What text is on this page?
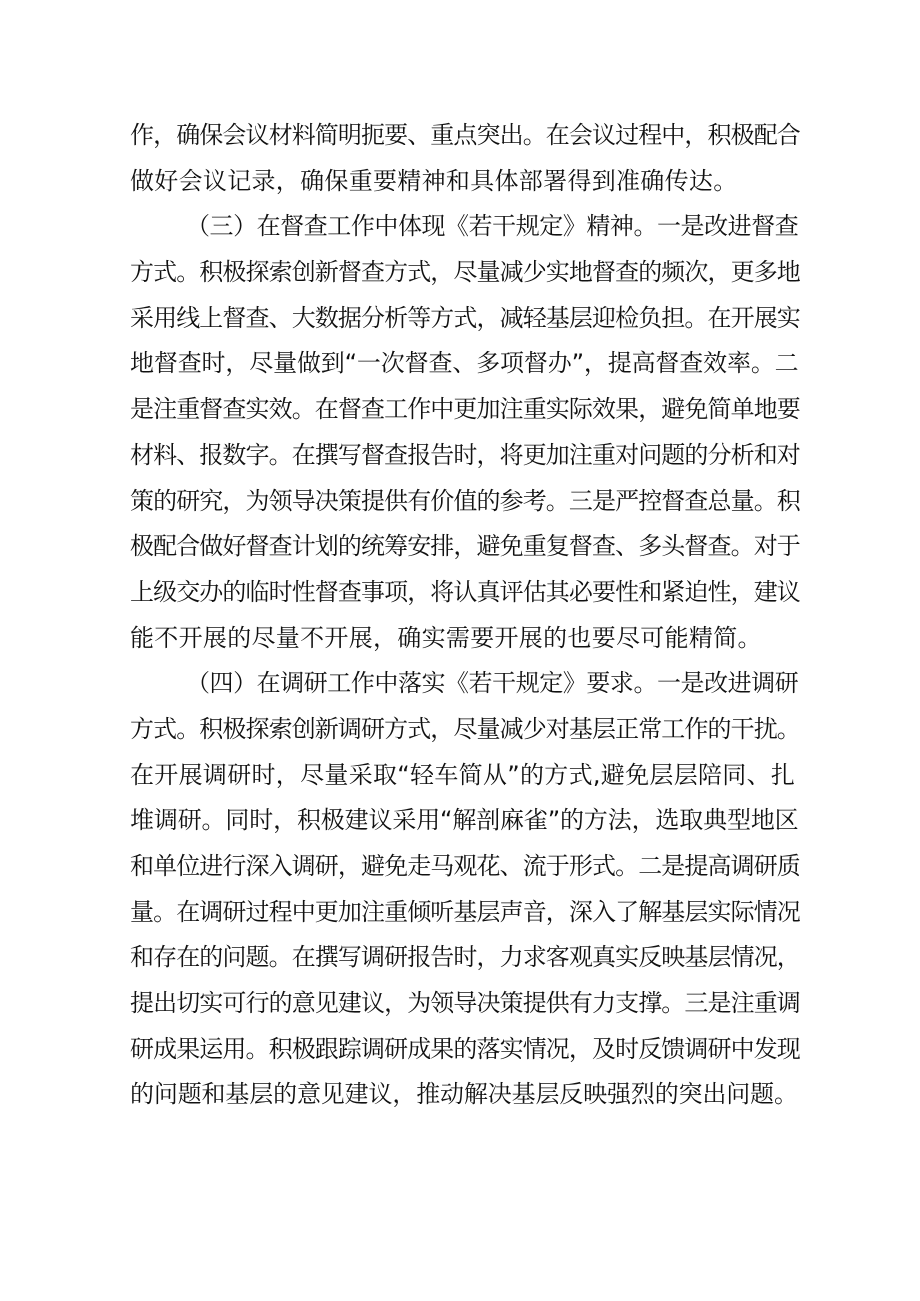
作，确保会议材料简明扼要、重点突出。在会议过程中，积极配合
做好会议记录，确保重要精神和具体部署得到准确传达。
（三）在督查工作中体现《若干规定》精神。一是改进督查
方式。积极探索创新督查方式，尽量减少实地督查的频次，更多地
采用线上督查、大数据分析等方式，减轻基层迎检负担。在开展实
地督查时，尽量做到“一次督查、多项督办”，提高督查效率。二
是注重督查实效。在督查工作中更加注重实际效果，避免简单地要
材料、报数字。在撰写督查报告时，将更加注重对问题的分析和对
策的研究，为领导决策提供有价值的参考。三是严控督查总量。积
极配合做好督查计划的统筹安排，避免重复督查、多头督查。对于
上级交办的临时性督查事项，将认真评估其必要性和紧迫性，建议
能不开展的尽量不开展，确实需要开展的也要尽可能精简。
（四）在调研工作中落实《若干规定》要求。一是改进调研
方式。积极探索创新调研方式，尽量减少对基层正常工作的干扰。
在开展调研时，尽量采取“轻车简从”的方式,避免层层陪同、扎
堆调研。同时，积极建议采用“解剖麻雀”的方法，选取典型地区
和单位进行深入调研，避免走马观花、流于形式。二是提高调研质
量。在调研过程中更加注重倾听基层声音，深入了解基层实际情况
和存在的问题。在撰写调研报告时，力求客观真实反映基层情况，
提出切实可行的意见建议，为领导决策提供有力支撑。三是注重调
研成果运用。积极跟踪调研成果的落实情况，及时反馈调研中发现
的问题和基层的意见建议，推动解决基层反映强烈的突出问题。
